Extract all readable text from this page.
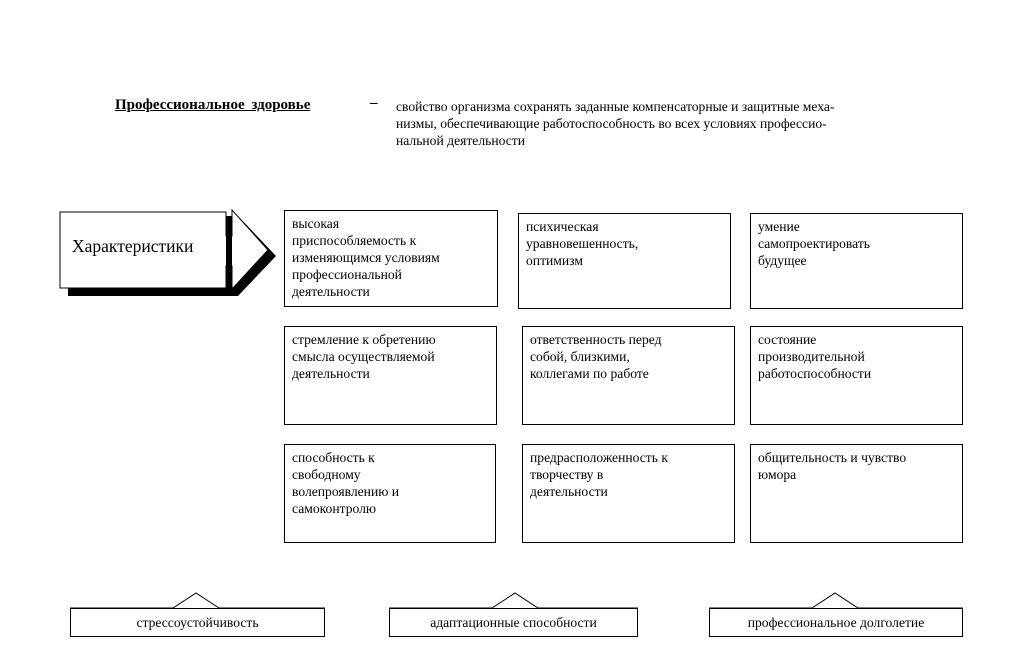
Профессиональное здоровье	– свойство организма сохранять заданные компенсаторные и защитные меха-
низмы, обеспечивающие работоспособность во всех условиях профессио-
нальной деятельности
Характеристики
высокая
приспособляемость к
изменяющимся условиям
профессиональной
деятельности
психическая
уравновешенность,
оптимизм
умение
самопроектировать
будущее
стремление к обретению
смысла осуществляемой
деятельности
ответственность перед
собой, близкими,
коллегами по работе
состояние
производительной
работоспособности
способность к
свободному
волепроявлению и
самоконтролю
предрасположенность к
творчеству в
деятельности
общительность и чувство
юмора
стрессоустойчивость	адаптационные способности	профессиональное долголетие
